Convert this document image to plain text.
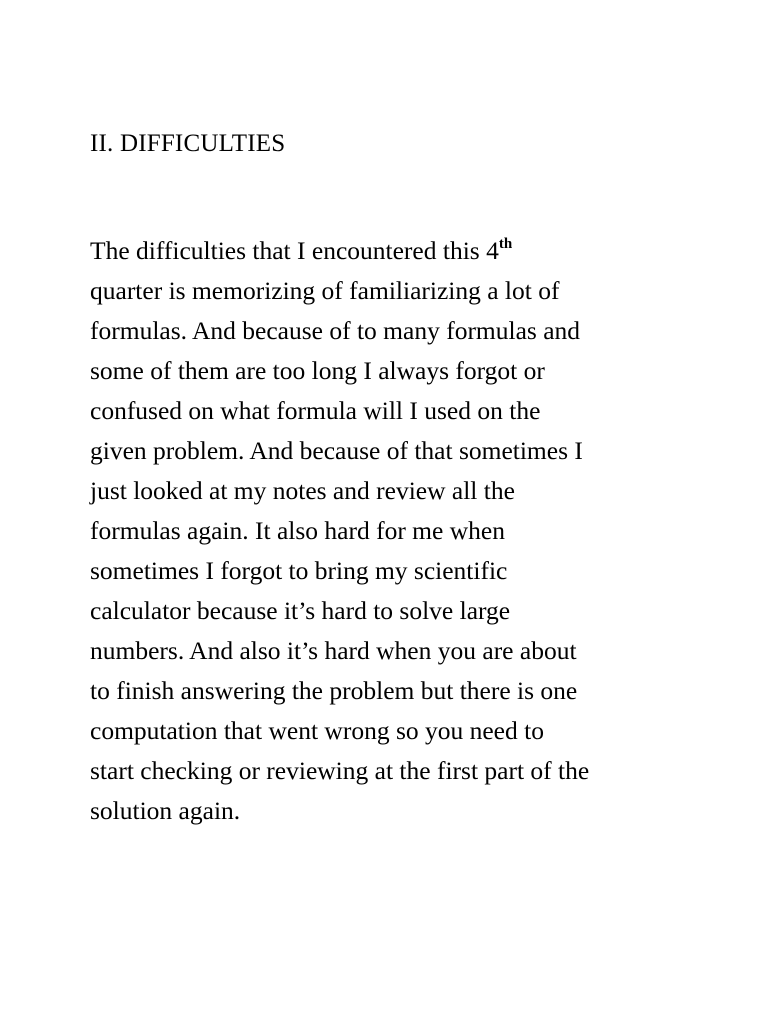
II. DIFFICULTIES
The difficulties that I encountered this 4th
quarter is memorizing of familiarizing a lot of
formulas. And because of to many formulas and
some of them are too long I always forgot or
confused on what formula will I used on the
given problem. And because of that sometimes I
just looked at my notes and review all the
formulas again. It also hard for me when
sometimes I forgot to bring my scientific
calculator because it’s hard to solve large
numbers. And also it’s hard when you are about
to finish answering the problem but there is one
computation that went wrong so you need to
start checking or reviewing at the first part of the
solution again.
